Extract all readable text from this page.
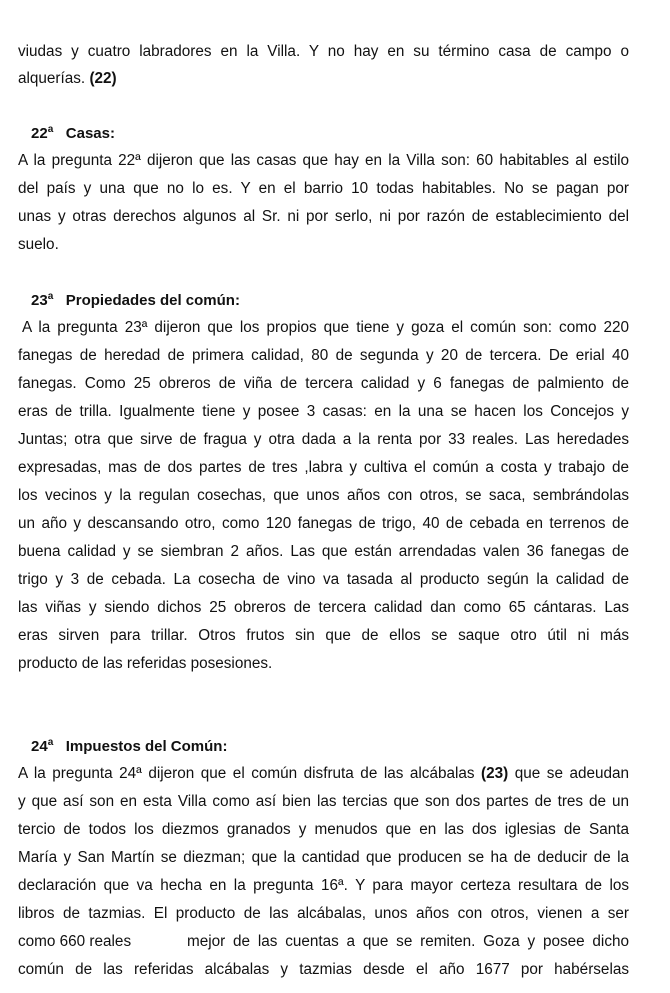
viudas y cuatro labradores en la Villa. Y no hay en su término casa de campo o
alquerías. (22)
22$^a$ Casas:
A la pregunta 22ª dijeron que las casas que hay en la Villa son: 60 habitables al estilo
del país y una que no lo es. Y en el barrio 10 todas habitables. No se pagan por
unas y otras derechos algunos al Sr. ni por serlo, ni por razón de establecimiento del
suelo.
23$^a$ Propiedades del común:
A la pregunta 23ª dijeron que los propios que tiene y goza el común son: como 220
fanegas de heredad de primera calidad, 80 de segunda y 20 de tercera. De erial 40
fanegas. Como 25 obreros de viña de tercera calidad y 6 fanegas de palmiento de
eras de trilla. Igualmente tiene y posee 3 casas: en la una se hacen los Concejos y
Juntas; otra que sirve de fragua y otra dada a la renta por 33 reales. Las heredades
expresadas, mas de dos partes de tres ,labra y cultiva el común a costa y trabajo de
los vecinos y la regulan cosechas, que unos años con otros, se saca, sembrándolas
un año y descansando otro, como 120 fanegas de trigo, 40 de cebada en terrenos de
buena calidad y se siembran 2 años. Las que están arrendadas valen 36 fanegas de
trigo y 3 de cebada. La cosecha de vino va tasada al producto según la calidad de
las viñas y siendo dichos 25 obreros de tercera calidad dan como 65 cántaras. Las
eras sirven para trillar. Otros frutos sin que de ellos se saque otro útil ni más
producto de las referidas posesiones.
24$^a$ Impuestos del Común:
A la pregunta 24ª dijeron que el común disfruta de las alcábalas (23) que se adeudan
y que así son en esta Villa como así bien las tercias que son dos partes de tres de un
tercio de todos los diezmos granados y menudos que en las dos iglesias de Santa
María y San Martín se diezman; que la cantidad que producen se ha de deducir de la
declaración que va hecha en la pregunta 16ª. Y para mayor certeza resultara de los
libros de tazmias. El producto de las alcábalas, unos años con otros, vienen a ser
como 660 reales	mejor de las cuentas a que se remiten. Goza y posee dicho
común de las referidas alcábalas y tazmias desde el año 1677 por habérselas
